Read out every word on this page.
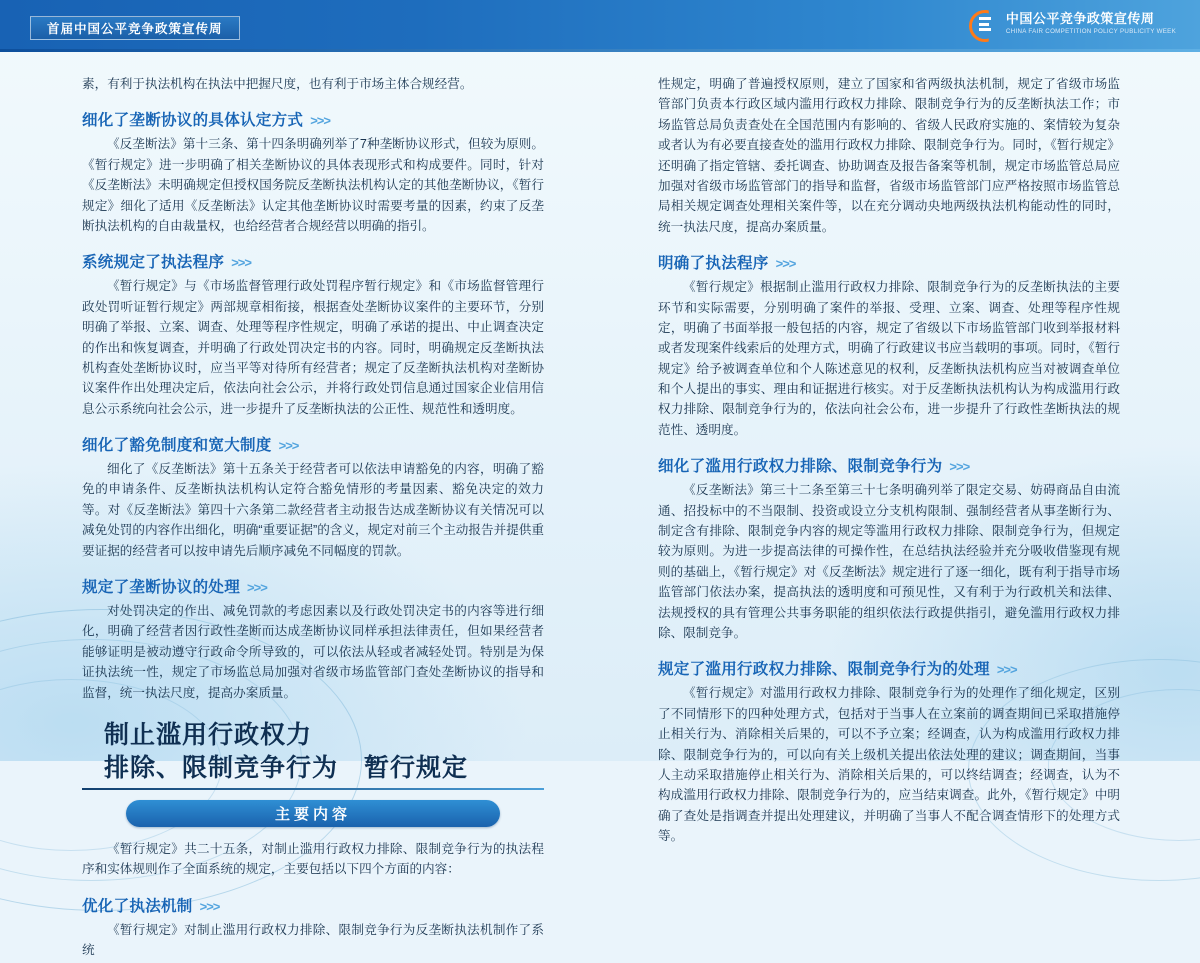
首届中国公平竞争政策宣传周
中国公平竞争政策宣传周
CHINA FAIR COMPETITION POLICY PUBLICITY WEEK

素，有利于执法机构在执法中把握尺度，也有利于市场主体合规经营。

细化了垄断协议的具体认定方式 >>>

《反垄断法》第十三条、第十四条明确列举了7种垄断协议形式，但较为原则。《暂行规定》进一步明确了相关垄断协议的具体表现形式和构成要件。同时，针对《反垄断法》未明确规定但授权国务院反垄断执法机构认定的其他垄断协议，《暂行规定》细化了适用《反垄断法》认定其他垄断协议时需要考量的因素，约束了反垄断执法机构的自由裁量权，也给经营者合规经营以明确的指引。

系统规定了执法程序 >>>

《暂行规定》与《市场监督管理行政处罚程序暂行规定》和《市场监督管理行政处罚听证暂行规定》两部规章相衔接，根据查处垄断协议案件的主要环节，分别明确了举报、立案、调查、处理等程序性规定，明确了承诺的提出、中止调查决定的作出和恢复调查，并明确了行政处罚决定书的内容。同时，明确规定反垄断执法机构查处垄断协议时，应当平等对待所有经营者；规定了反垄断执法机构对垄断协议案件作出处理决定后，依法向社会公示，并将行政处罚信息通过国家企业信用信息公示系统向社会公示，进一步提升了反垄断执法的公正性、规范性和透明度。

细化了豁免制度和宽大制度 >>>

细化了《反垄断法》第十五条关于经营者可以依法申请豁免的内容，明确了豁免的申请条件、反垄断执法机构认定符合豁免情形的考量因素、豁免决定的效力等。对《反垄断法》第四十六条第二款经营者主动报告达成垄断协议有关情况可以减免处罚的内容作出细化，明确“重要证据”的含义，规定对前三个主动报告并提供重要证据的经营者可以按申请先后顺序减免不同幅度的罚款。

规定了垄断协议的处理 >>>

对处罚决定的作出、减免罚款的考虑因素以及行政处罚决定书的内容等进行细化，明确了经营者因行政性垄断而达成垄断协议同样承担法律责任，但如果经营者能够证明是被动遵守行政命令所导致的，可以依法从轻或者减轻处罚。特别是为保证执法统一性，规定了市场监总局加强对省级市场监管部门查处垄断协议的指导和监督，统一执法尺度，提高办案质量。

制止滥用行政权力
排除、限制竞争行为 暂行规定
主要内容

《暂行规定》共二十五条，对制止滥用行政权力排除、限制竞争行为的执法程序和实体规则作了全面系统的规定，主要包括以下四个方面的内容：

优化了执法机制 >>>

《暂行规定》对制止滥用行政权力排除、限制竞争行为反垄断执法机制作了系统

性规定，明确了普遍授权原则，建立了国家和省两级执法机制，规定了省级市场监管部门负责本行政区域内滥用行政权力排除、限制竞争行为的反垄断执法工作；市场监管总局负责查处在全国范围内有影响的、省级人民政府实施的、案情较为复杂或者认为有必要直接查处的滥用行政权力排除、限制竞争行为。同时，《暂行规定》还明确了指定管辖、委托调查、协助调查及报告备案等机制，规定市场监管总局应加强对省级市场监管部门的指导和监督，省级市场监管部门应严格按照市场监管总局相关规定调查处理相关案件等，以在充分调动央地两级执法机构能动性的同时，统一执法尺度，提高办案质量。

明确了执法程序 >>>

《暂行规定》根据制止滥用行政权力排除、限制竞争行为的反垄断执法的主要环节和实际需要，分别明确了案件的举报、受理、立案、调查、处理等程序性规定，明确了书面举报一般包括的内容，规定了省级以下市场监管部门收到举报材料或者发现案件线索后的处理方式，明确了行政建议书应当载明的事项。同时，《暂行规定》给予被调查单位和个人陈述意见的权利，反垄断执法机构应当对被调查单位和个人提出的事实、理由和证据进行核实。对于反垄断执法机构认为构成滥用行政权力排除、限制竞争行为的，依法向社会公布，进一步提升了行政性垄断执法的规范性、透明度。

细化了滥用行政权力排除、限制竞争行为 >>>

《反垄断法》第三十二条至第三十七条明确列举了限定交易、妨碍商品自由流通、招投标中的不当限制、投资或设立分支机构限制、强制经营者从事垄断行为、制定含有排除、限制竞争内容的规定等滥用行政权力排除、限制竞争行为，但规定较为原则。为进一步提高法律的可操作性，在总结执法经验并充分吸收借鉴现有规则的基础上，《暂行规定》对《反垄断法》规定进行了逐一细化，既有利于指导市场监管部门依法办案，提高执法的透明度和可预见性，又有利于为行政机关和法律、法规授权的具有管理公共事务职能的组织依法行政提供指引，避免滥用行政权力排除、限制竞争。

规定了滥用行政权力排除、限制竞争行为的处理 >>>

《暂行规定》对滥用行政权力排除、限制竞争行为的处理作了细化规定，区别了不同情形下的四种处理方式，包括对于当事人在立案前的调查期间已采取措施停止相关行为、消除相关后果的，可以不予立案；经调查，认为构成滥用行政权力排除、限制竞争行为的，可以向有关上级机关提出依法处理的建议；调查期间，当事人主动采取措施停止相关行为、消除相关后果的，可以终结调查；经调查，认为不构成滥用行政权力排除、限制竞争行为的，应当结束调查。此外，《暂行规定》中明确了查处是指调查并提出处理建议，并明确了当事人不配合调查情形下的处理方式等。
